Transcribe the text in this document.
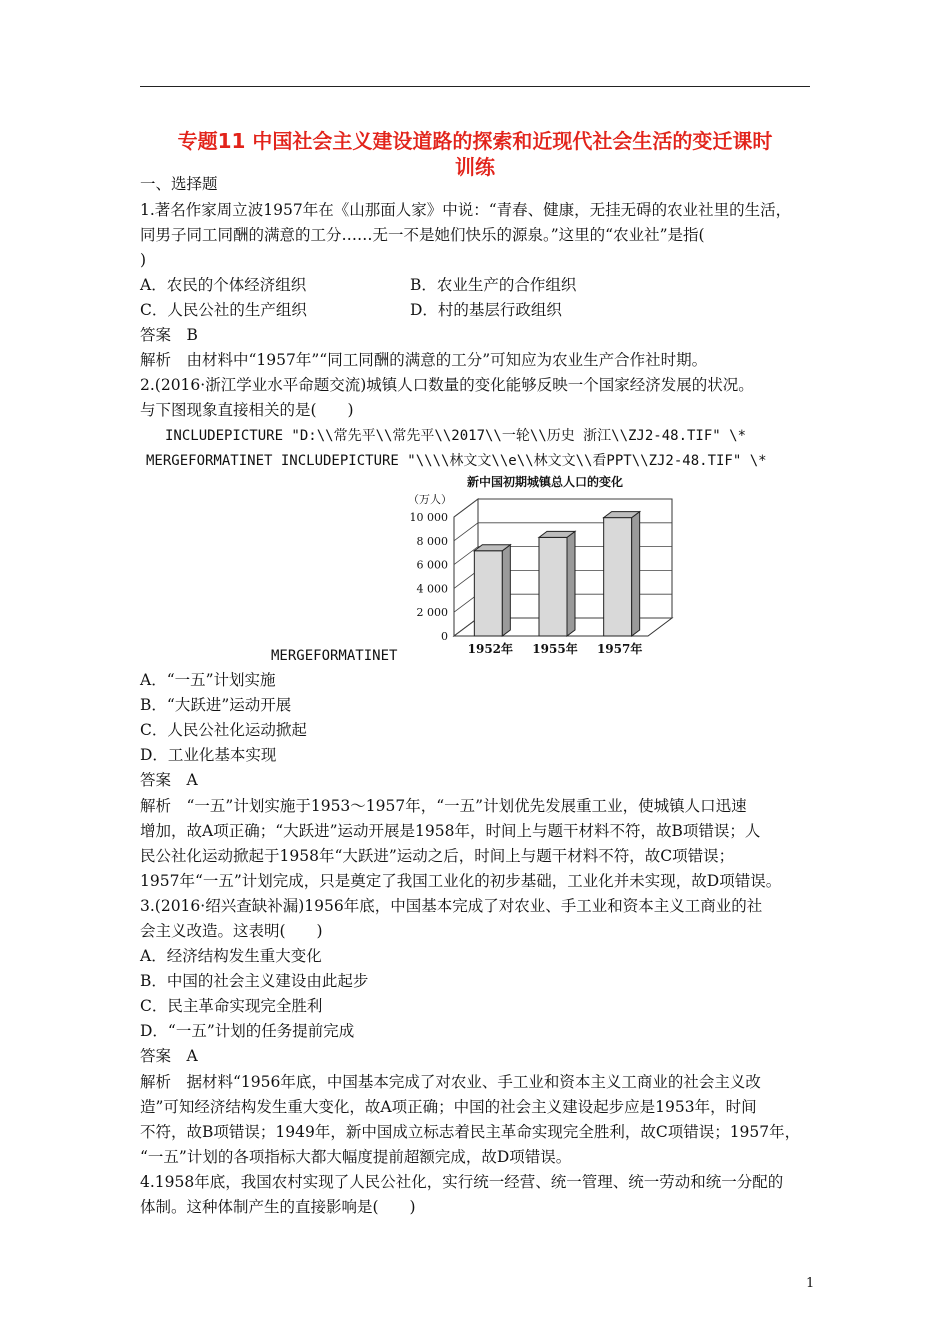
专题11 中国社会主义建设道路的探索和近现代社会生活的变迁课时
训练
一、选择题
1.著名作家周立波1957年在《山那面人家》中说：“青春、健康，无挂无碍的农业社里的生活，
同男子同工同酬的满意的工分……无一不是她们快乐的源泉。”这里的“农业社”是指(
)
A．农民的个体经济组织	B．农业生产的合作组织
C．人民公社的生产组织	D．村的基层行政组织
答案　B
解析　由材料中“1957年”“同工同酬的满意的工分”可知应为农业生产合作社时期。
2.(2016·浙江学业水平命题交流)城镇人口数量的变化能够反映一个国家经济发展的状况。
与下图现象直接相关的是(　　)
INCLUDEPICTURE "D:\\常先平\\常先平\\2017\\一轮\\历史 浙江\\ZJ2-48.TIF" \*
MERGEFORMATINET INCLUDEPICTURE "\\\\林文文\\e\\林文文\\看PPT\\ZJ2-48.TIF" \*
新中国初期城镇总人口的变化
（万人）
0
2 000
4 000
6 000
8 000
10 000
1952年 1955年 1957年
MERGEFORMATINET
A．“一五”计划实施
B．“大跃进”运动开展
C．人民公社化运动掀起
D．工业化基本实现
答案　A
解析　“一五”计划实施于1953～1957年，“一五”计划优先发展重工业，使城镇人口迅速
增加，故A项正确；“大跃进”运动开展是1958年，时间上与题干材料不符，故B项错误；人
民公社化运动掀起于1958年“大跃进”运动之后，时间上与题干材料不符，故C项错误；
1957年“一五”计划完成，只是奠定了我国工业化的初步基础，工业化并未实现，故D项错误。
3.(2016·绍兴查缺补漏)1956年底，中国基本完成了对农业、手工业和资本主义工商业的社
会主义改造。这表明(　　)
A．经济结构发生重大变化
B．中国的社会主义建设由此起步
C．民主革命实现完全胜利
D．“一五”计划的任务提前完成
答案　A
解析　据材料“1956年底，中国基本完成了对农业、手工业和资本主义工商业的社会主义改
造”可知经济结构发生重大变化，故A项正确；中国的社会主义建设起步应是1953年，时间
不符，故B项错误；1949年，新中国成立标志着民主革命实现完全胜利，故C项错误；1957年，
“一五”计划的各项指标大都大幅度提前超额完成，故D项错误。
4.1958年底，我国农村实现了人民公社化，实行统一经营、统一管理、统一劳动和统一分配的
体制。这种体制产生的直接影响是(　　)
1
